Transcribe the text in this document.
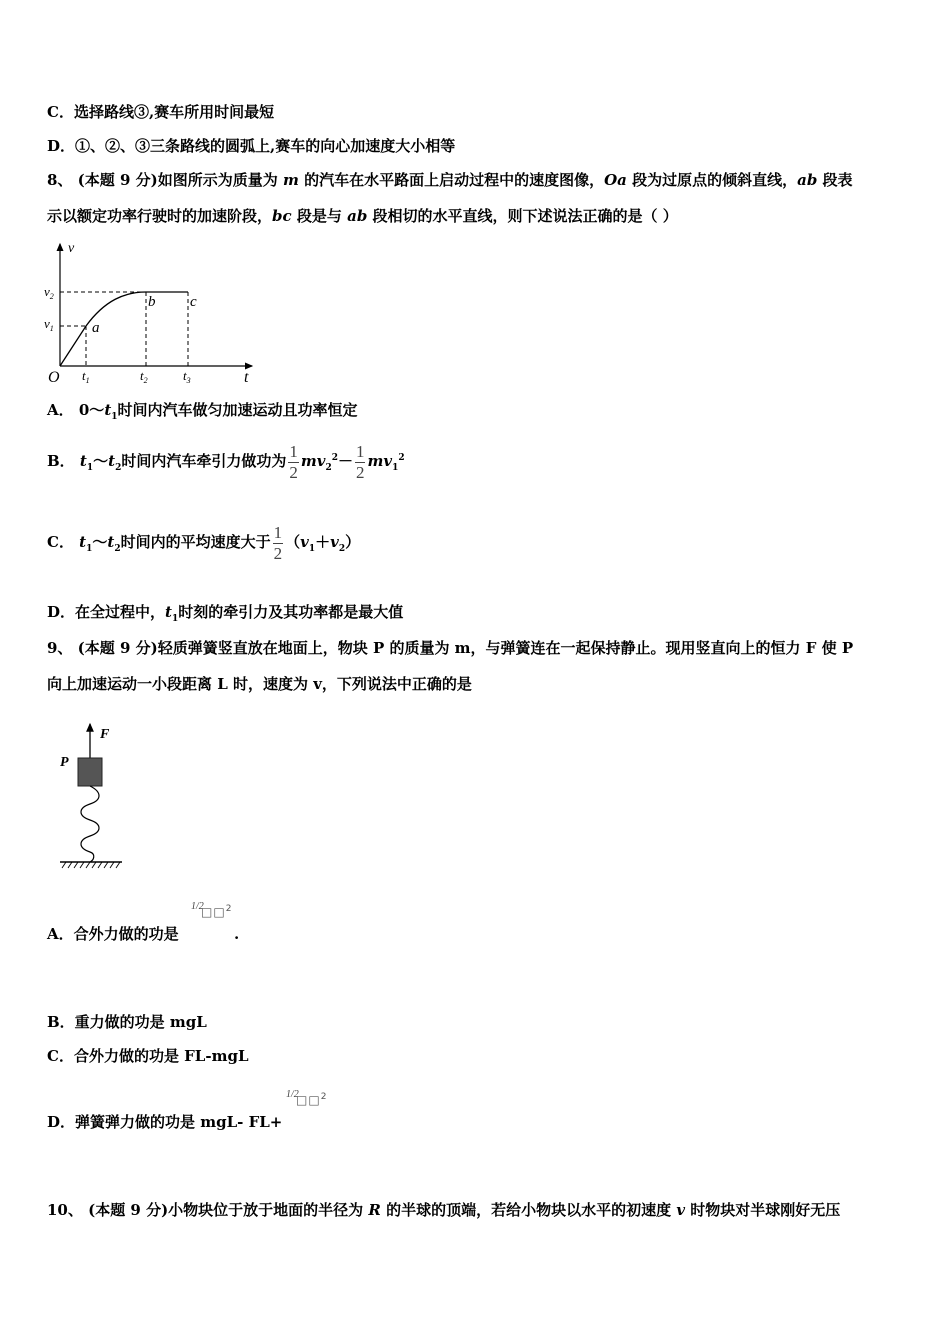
C．选择路线③,赛车所用时间最短
D．①、②、③三条路线的圆弧上,赛车的向心加速度大小相等
8、 (本题 9 分)如图所示为质量为 m 的汽车在水平路面上启动过程中的速度图像，Oa 段为过原点的倾斜直线，ab 段表
示以额定功率行驶时的加速阶段，bc 段是与 ab 段相切的水平直线，则下述说法正确的是（ ）
v
t
O
$v_2$
$v_1$
$t_1$	$t_2$	$t_3$
a
b c
A． $0\sim t_1$时间内汽车做匀加速运动且功率恒定
B． $t_1\sim t_2$时间内汽车牵引力做功为 $\frac{1}{2} mv_2^2- \frac{1}{2} mv_1^2$
C． $t_1\sim t_2$时间内的平均速度大于 $\frac{1}{2} (v_1+v_2)$
D．在全过程中，$t_1$时刻的牵引力及其功率都是最大值
9、 (本题 9 分)轻质弹簧竖直放在地面上，物块 P 的质量为 m，与弹簧连在一起保持静止。现用竖直向上的恒力 F 使 P
向上加速运动一小段距离 L 时，速度为 v，下列说法中正确的是
F
P
A．合外力做的功是
1/2
□□$^2$
.
B．重力做的功是 mgL
C．合外力做的功是 FL-mgL
D．弹簧弹力做的功是 mgL- FL+
1/2
□□$^2$
10、 (本题 9 分)小物块位于放于地面的半径为 R 的半球的顶端，若给小物块以水平的初速度 v 时物块对半球刚好无压
